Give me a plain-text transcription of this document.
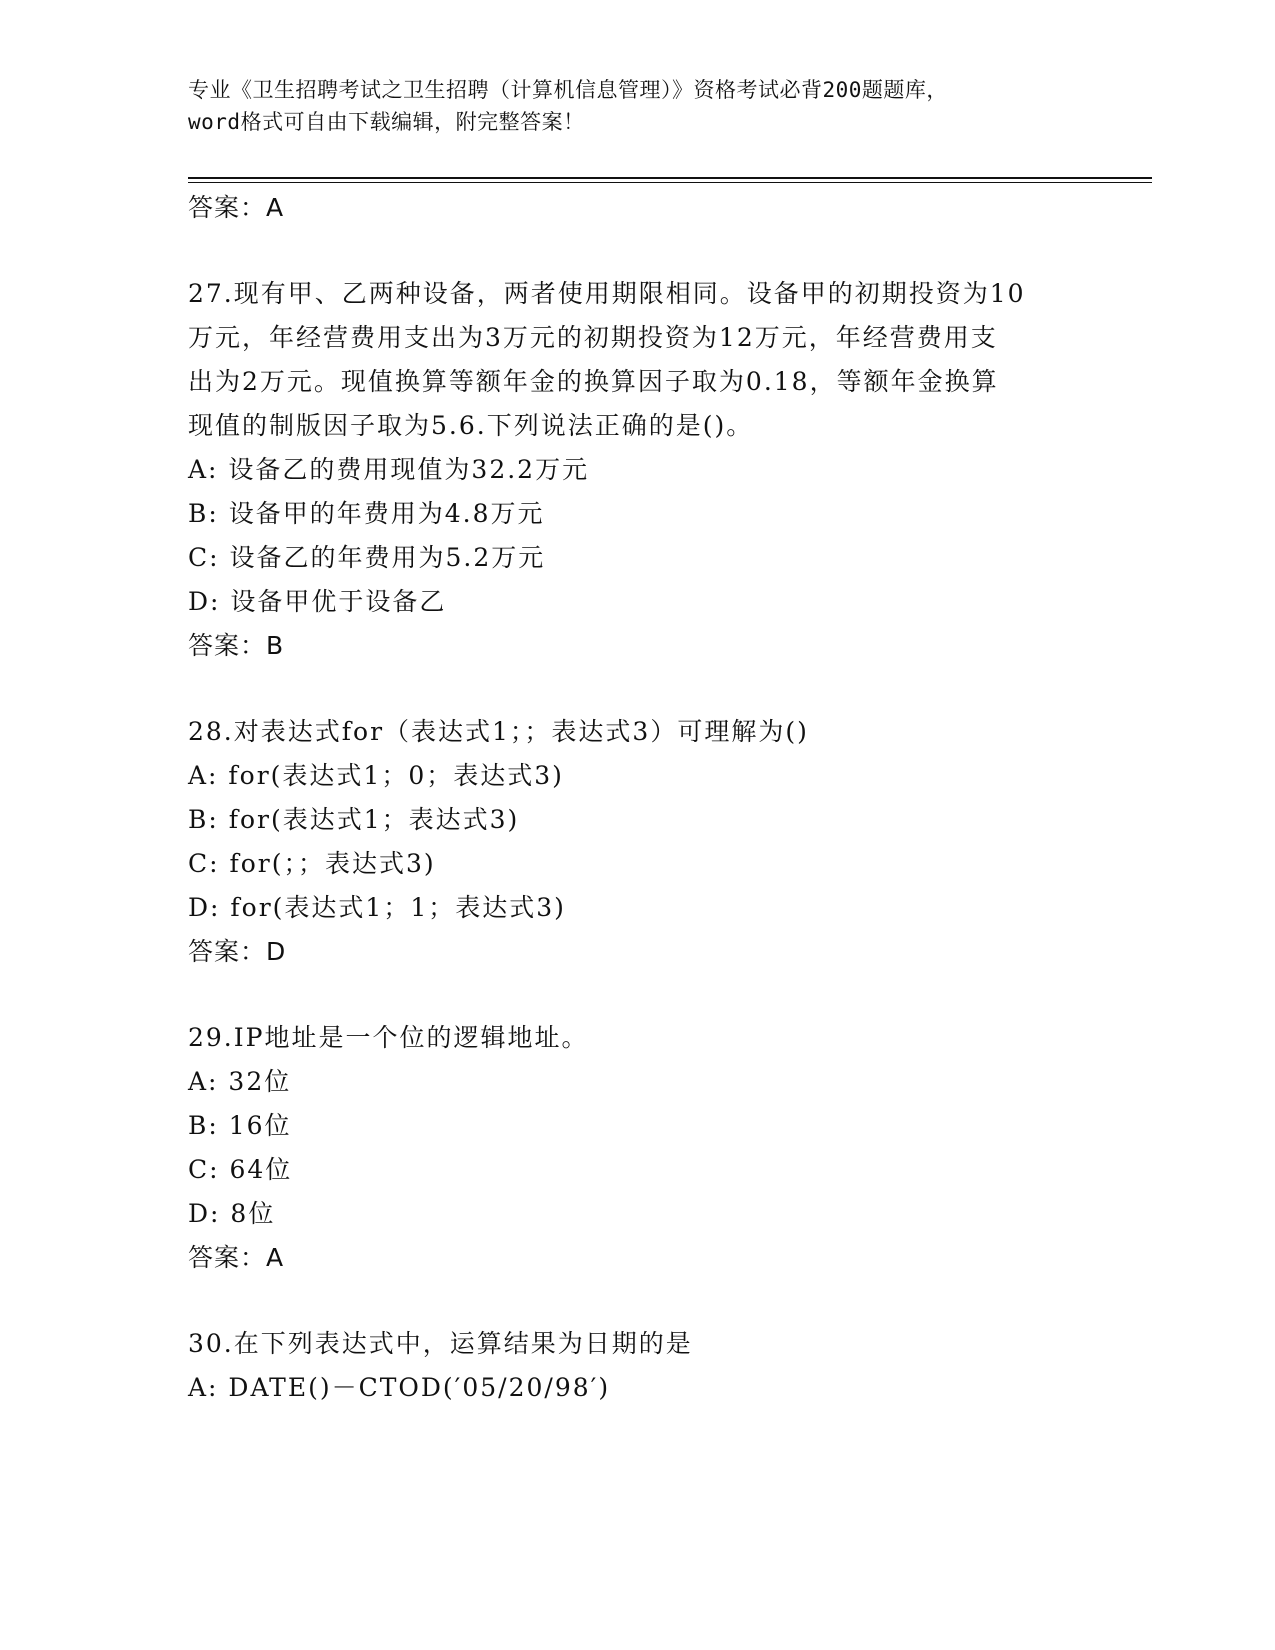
专业《卫生招聘考试之卫生招聘（计算机信息管理）》资格考试必背200题题库，
word格式可自由下载编辑，附完整答案！
答案：A
27.现有甲、乙两种设备，两者使用期限相同。设备甲的初期投资为10
万元，年经营费用支出为3万元的初期投资为12万元，年经营费用支
出为2万元。现值换算等额年金的换算因子取为0.18，等额年金换算
现值的制版因子取为5.6.下列说法正确的是()。
A: 设备乙的费用现值为32.2万元
B: 设备甲的年费用为4.8万元
C: 设备乙的年费用为5.2万元
D: 设备甲优于设备乙
答案：B
28.对表达式for（表达式1；；表达式3）可理解为()
A: for(表达式1；0；表达式3)
B: for(表达式1；表达式3)
C: for(；；表达式3)
D: for(表达式1；1；表达式3)
答案：D
29.IP地址是一个位的逻辑地址。
A: 32位
B: 16位
C: 64位
D: 8位
答案：A
30.在下列表达式中，运算结果为日期的是
A: DATE()－CTOD(′05/20/98′)
